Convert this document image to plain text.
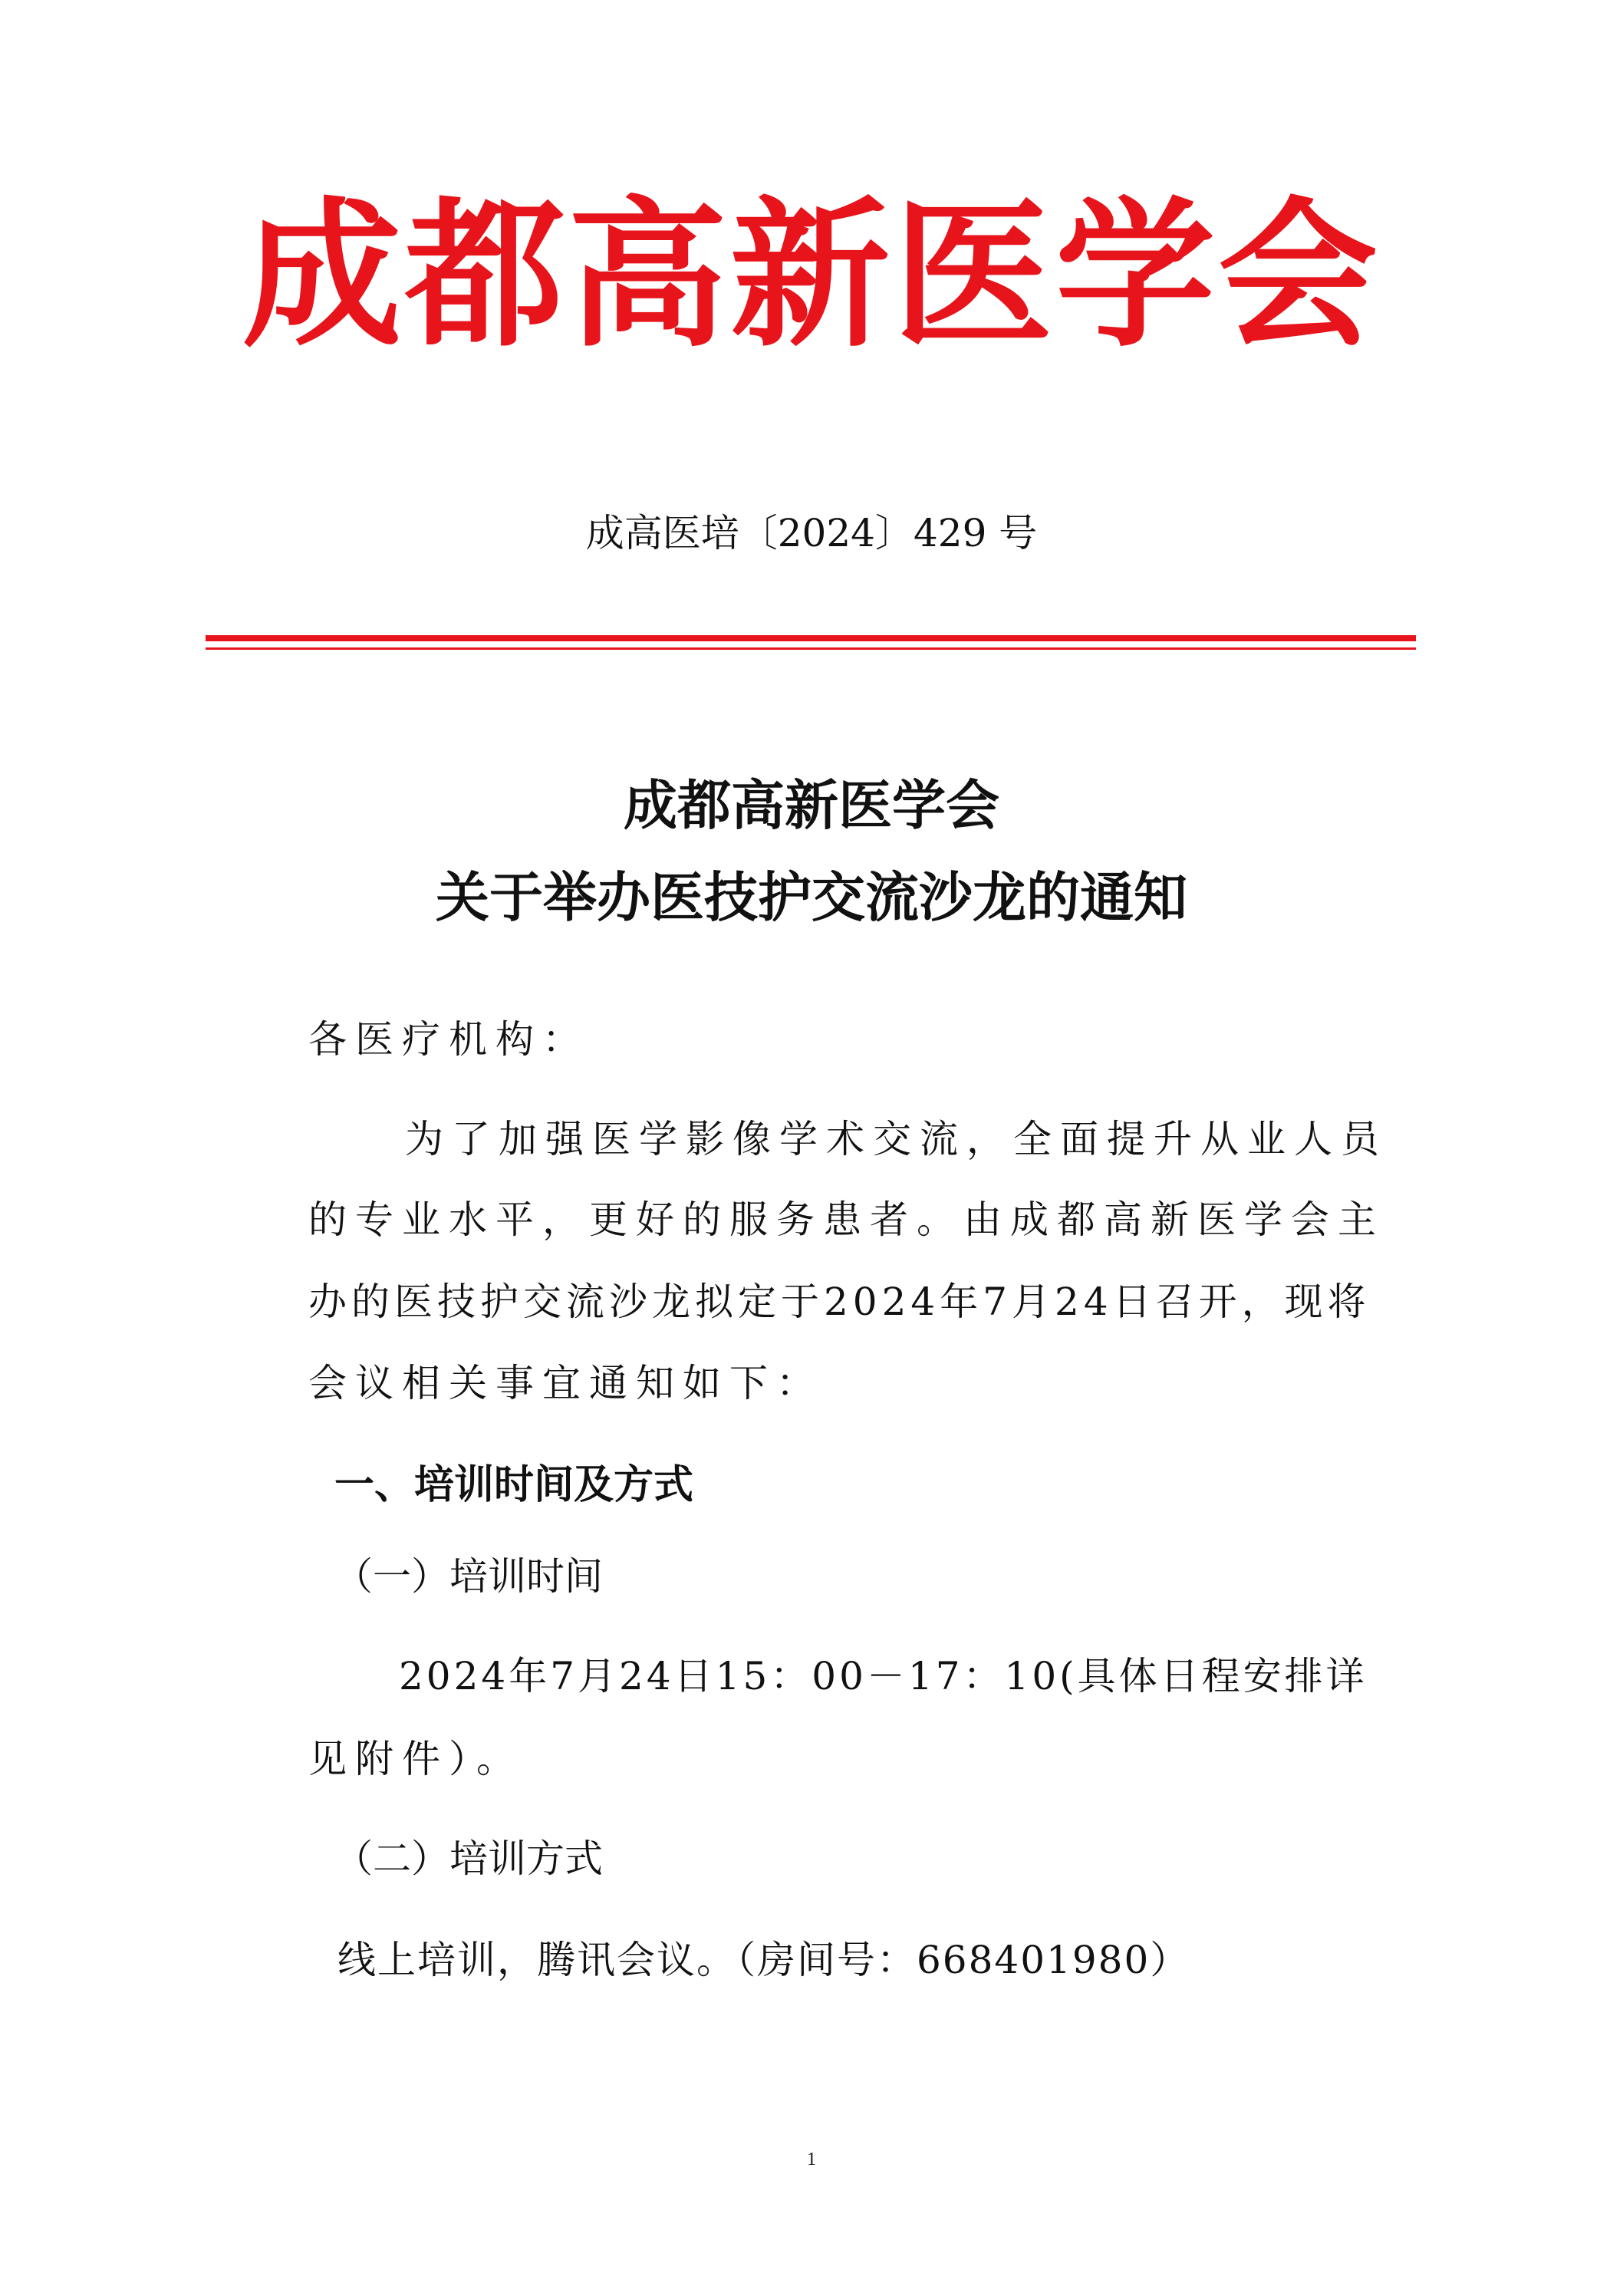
成都高新医学会
成高医培〔2024〕429 号
成都高新医学会
关于举办医技护交流沙龙的通知
各医疗机构：
为了加强医学影像学术交流，全面提升从业人员
的专业水平，更好的服务患者。由成都高新医学会主
办的医技护交流沙龙拟定于2024年7月24日召开，现将
会议相关事宜通知如下：
一、培训时间及方式
（一）培训时间
2024年7月24日15：00－17：10(具体日程安排详
见附件）。
（二）培训方式
线上培训，腾讯会议。（房间号：668401980）
1
